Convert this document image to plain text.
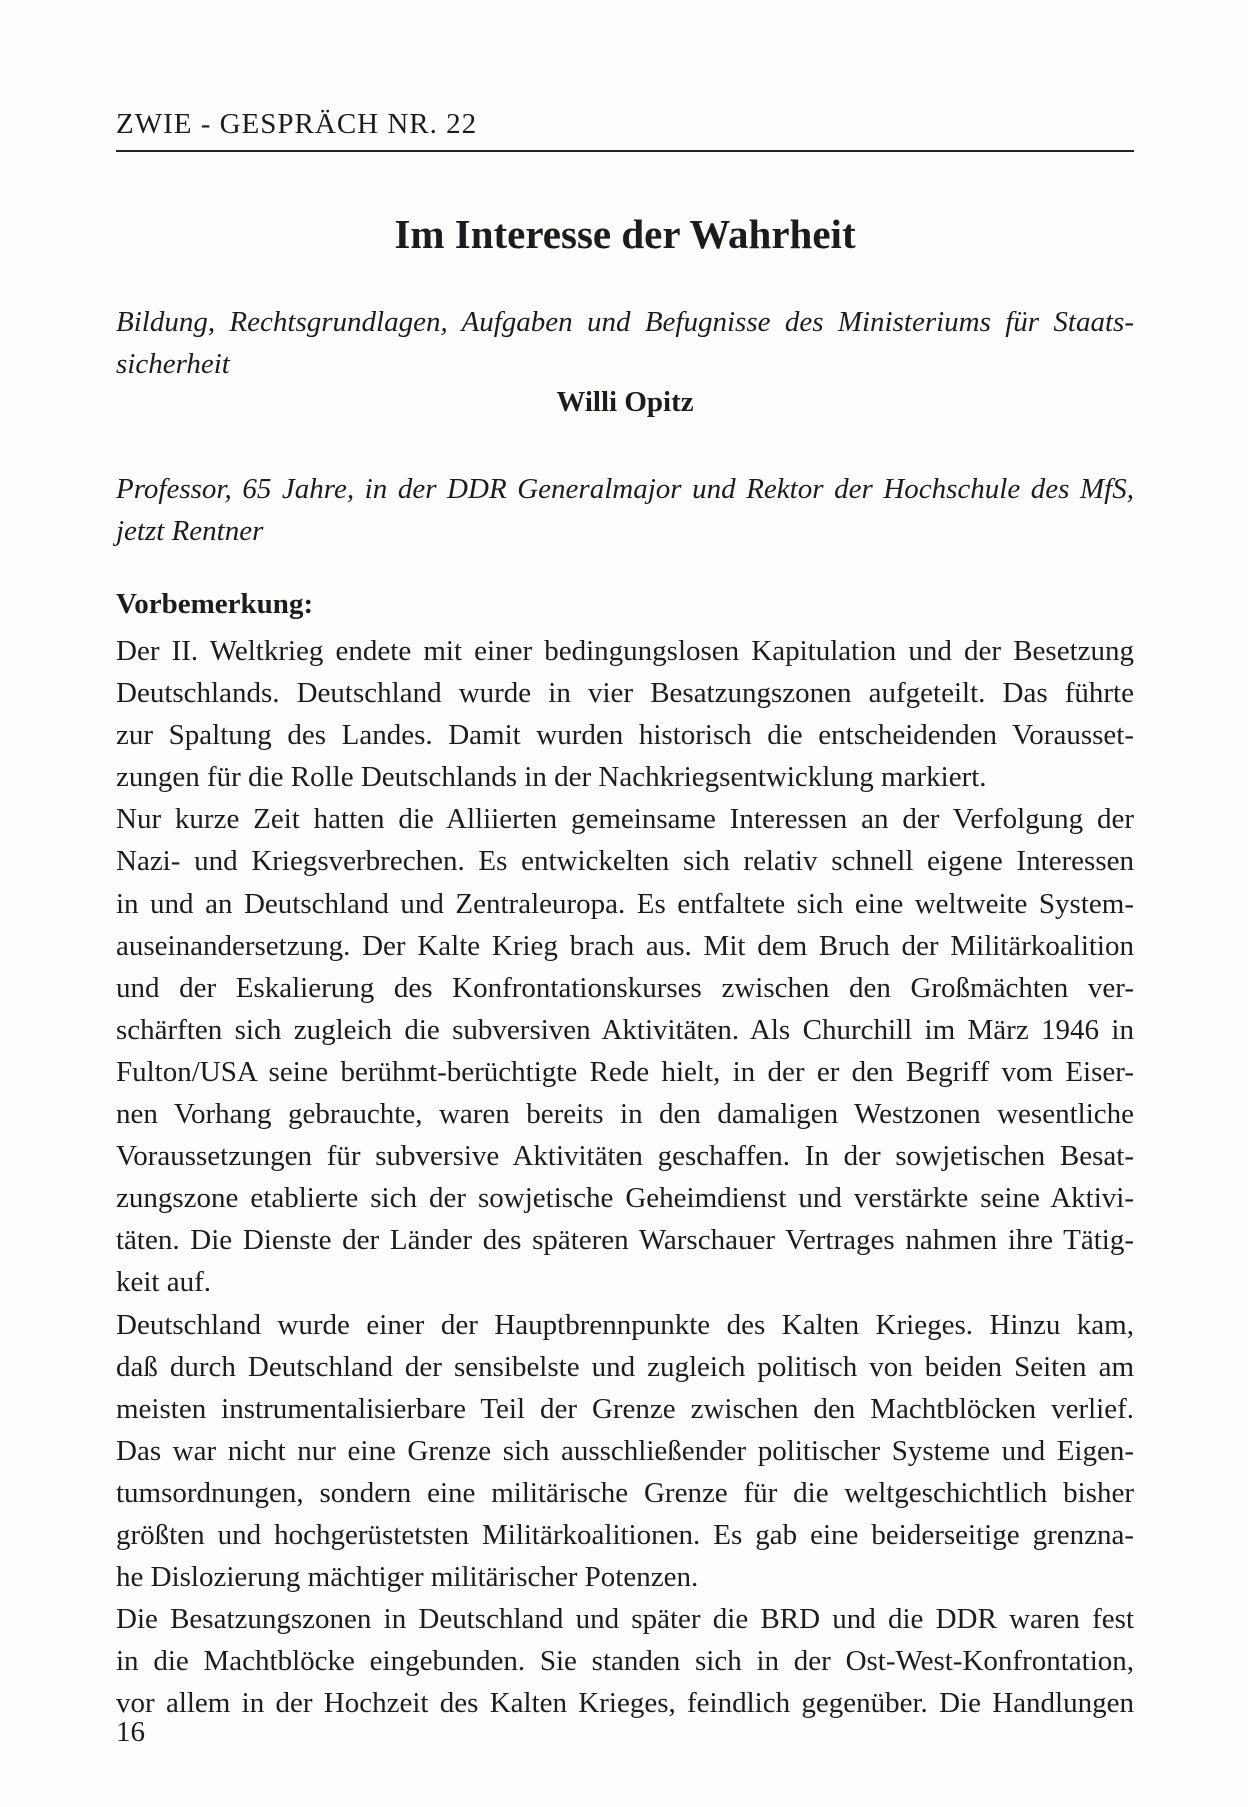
ZWIE - GESPRÄCH NR. 22
Im Interesse der Wahrheit
Bildung, Rechtsgrundlagen, Aufgaben und Befugnisse des Ministeriums für Staats-
sicherheit
Willi Opitz
Professor, 65 Jahre, in der DDR Generalmajor und Rektor der Hochschule des MfS,
jetzt Rentner
Vorbemerkung:
Der II. Weltkrieg endete mit einer bedingungslosen Kapitulation und der Besetzung
Deutschlands. Deutschland wurde in vier Besatzungszonen aufgeteilt. Das führte
zur Spaltung des Landes. Damit wurden historisch die entscheidenden Vorausset-
zungen für die Rolle Deutschlands in der Nachkriegsentwicklung markiert.
Nur kurze Zeit hatten die Alliierten gemeinsame Interessen an der Verfolgung der
Nazi- und Kriegsverbrechen. Es entwickelten sich relativ schnell eigene Interessen
in und an Deutschland und Zentraleuropa. Es entfaltete sich eine weltweite System-
auseinandersetzung. Der Kalte Krieg brach aus. Mit dem Bruch der Militärkoalition
und der Eskalierung des Konfrontationskurses zwischen den Großmächten ver-
schärften sich zugleich die subversiven Aktivitäten. Als Churchill im März 1946 in
Fulton/USA seine berühmt-berüchtigte Rede hielt, in der er den Begriff vom Eiser-
nen Vorhang gebrauchte, waren bereits in den damaligen Westzonen wesentliche
Voraussetzungen für subversive Aktivitäten geschaffen. In der sowjetischen Besat-
zungszone etablierte sich der sowjetische Geheimdienst und verstärkte seine Aktivi-
täten. Die Dienste der Länder des späteren Warschauer Vertrages nahmen ihre Tätig-
keit auf.
Deutschland wurde einer der Hauptbrennpunkte des Kalten Krieges. Hinzu kam,
daß durch Deutschland der sensibelste und zugleich politisch von beiden Seiten am
meisten instrumentalisierbare Teil der Grenze zwischen den Machtblöcken verlief.
Das war nicht nur eine Grenze sich ausschließender politischer Systeme und Eigen-
tumsordnungen, sondern eine militärische Grenze für die weltgeschichtlich bisher
größten und hochgerüstetsten Militärkoalitionen. Es gab eine beiderseitige grenzna-
he Dislozierung mächtiger militärischer Potenzen.
Die Besatzungszonen in Deutschland und später die BRD und die DDR waren fest
in die Machtblöcke eingebunden. Sie standen sich in der Ost-West-Konfrontation,
vor allem in der Hochzeit des Kalten Krieges, feindlich gegenüber. Die Handlungen
16
